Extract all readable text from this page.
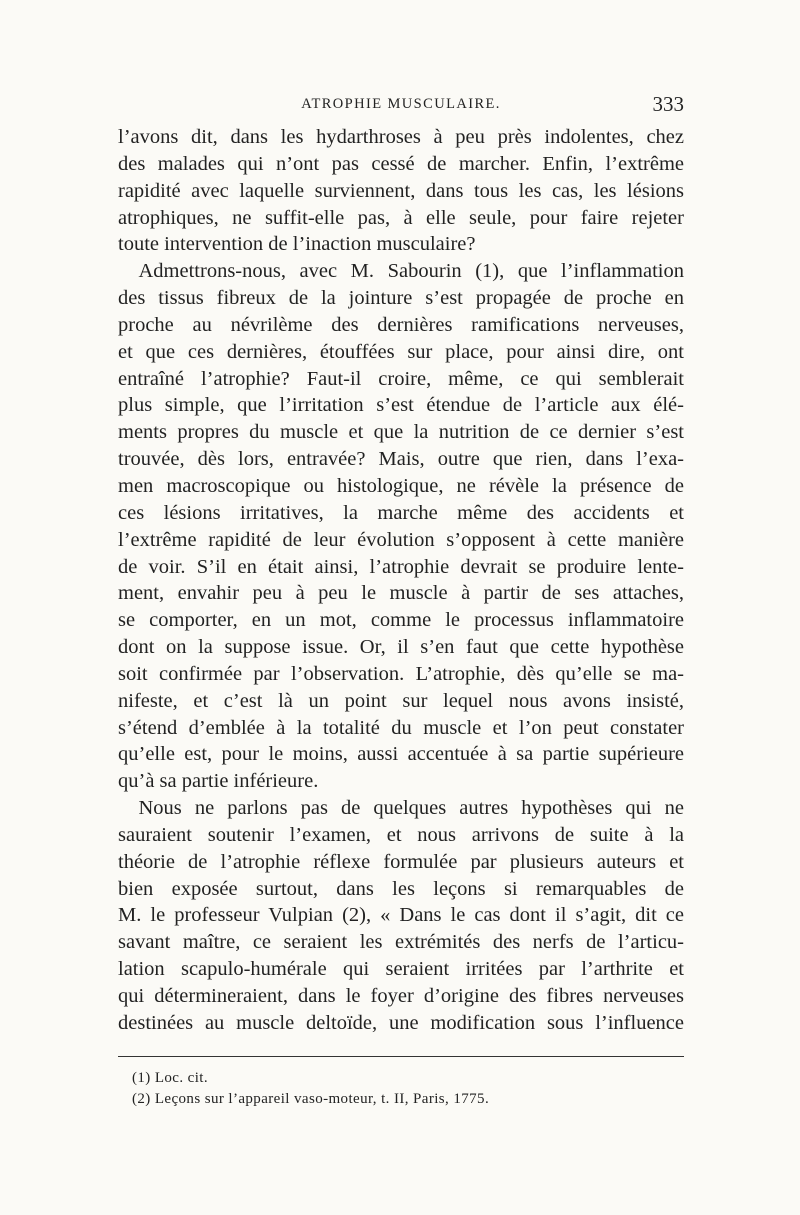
ATROPHIE MUSCULAIRE.	333
l’avons dit, dans les hydarthroses à peu près indolentes, chez
des malades qui n’ont pas cessé de marcher. Enfin, l’extrême
rapidité avec laquelle surviennent, dans tous les cas, les lésions
atrophiques, ne suffit-elle pas, à elle seule, pour faire rejeter
toute intervention de l’inaction musculaire?
 Admettrons-nous, avec M. Sabourin (1), que l’inflammation
des tissus fibreux de la jointure s’est propagée de proche en
proche au névrilème des dernières ramifications nerveuses,
et que ces dernières, étouffées sur place, pour ainsi dire, ont
entraîné l’atrophie? Faut-il croire, même, ce qui semblerait
plus simple, que l’irritation s’est étendue de l’article aux élé-
ments propres du muscle et que la nutrition de ce dernier s’est
trouvée, dès lors, entravée? Mais, outre que rien, dans l’exa-
men macroscopique ou histologique, ne révèle la présence de
ces lésions irritatives, la marche même des accidents et
l’extrême rapidité de leur évolution s’opposent à cette manière
de voir. S’il en était ainsi, l’atrophie devrait se produire lente-
ment, envahir peu à peu le muscle à partir de ses attaches,
se comporter, en un mot, comme le processus inflammatoire
dont on la suppose issue. Or, il s’en faut que cette hypothèse
soit confirmée par l’observation. L’atrophie, dès qu’elle se ma-
nifeste, et c’est là un point sur lequel nous avons insisté,
s’étend d’emblée à la totalité du muscle et l’on peut constater
qu’elle est, pour le moins, aussi accentuée à sa partie supérieure
qu’à sa partie inférieure.
 Nous ne parlons pas de quelques autres hypothèses qui ne
sauraient soutenir l’examen, et nous arrivons de suite à la
théorie de l’atrophie réflexe formulée par plusieurs auteurs et
bien exposée surtout, dans les leçons si remarquables de
M. le professeur Vulpian (2), « Dans le cas dont il s’agit, dit ce
savant maître, ce seraient les extrémités des nerfs de l’articu-
lation scapulo-humérale qui seraient irritées par l’arthrite et
qui détermineraient, dans le foyer d’origine des fibres nerveuses
destinées au muscle deltoïde, une modification sous l’influence
(1) Loc. cit.
(2) Leçons sur l’appareil vaso-moteur, t. II, Paris, 1775.
